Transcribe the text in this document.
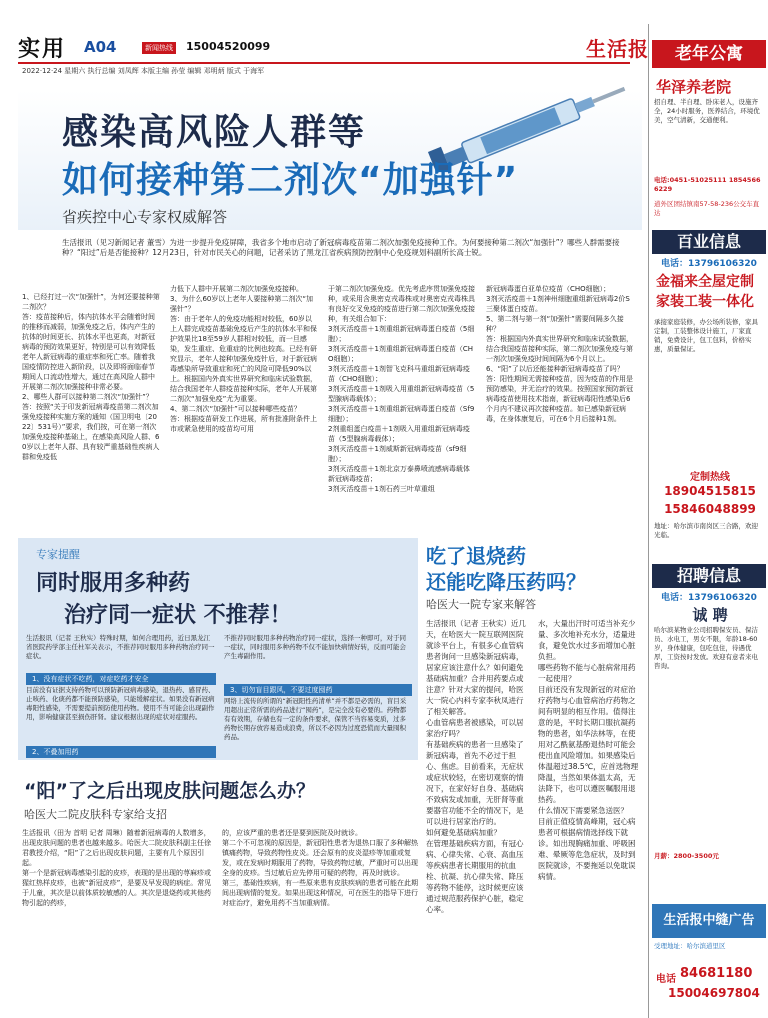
实用 A04	新闻热线 15004520099	生活报
2022·12·24 星期六 执行总编 刘凤辉 本版主编 孙莹 编辑 邓明炳 版式 于海军
感染高风险人群等
如何接种第二剂次“加强针”
省疾控中心专家权威解答
生活报讯（见习新闻记者 董雪）为进一步提升免疫屏障，我省多个地市启动了新冠病毒疫苗第二剂次加强免疫接种工作。为何要接种第二剂次“加强针”？哪些人群需要接种？“阳过”后是否能接种？12月23日，针对市民关心的问题，记者采访了黑龙江省疾病预防控制中心免疫规划科副所长高士锐。
1、已经打过一次“加强针”，为何还要接种第二剂次？
答：疫苗接种后，体内抗体水平会随着时间的推移而减弱，加强免疫之后，体内产生的抗体的时间更长、抗体水平也更高，对新冠病毒的预防效果更好，特别是可以有效降低老年人新冠病毒的重症率和死亡率。随着我国疫情防控进入新阶段，以及即将面临春节期间人口流动性增大，通过在高风险人群中开展第二剂次加强接种非常必要。
2、哪些人群可以接种第二剂次“加强针”？
答：按照“关于印发新冠病毒疫苗第二剂次加强免疫接种实施方案的通知（国卫明电〔2022〕531号）”要求，我们按，可在第一剂次加强免疫接种基础上，在感染高风险人群、60岁以上老年人群、具有较严重基础性疾病人群和免疫低
力低下人群中开展第二剂次加强免疫接种。
3、为什么60岁以上老年人要接种第二剂次“加强针”？
答：由于老年人的免疫功能相对较低，60岁以上人群完成疫苗基础免疫后产生的抗体水平和保护效果比18至59岁人群相对较低，而一旦感染，发生重症、危重症的比例也较高。已经有研究显示，老年人接种加强免疫针后，对于新冠病毒感染所导致重症和死亡的风险可降低90%以上。根据国内外真实世界研究和临床试验数据，结合我国老年人群疫苗接种实际，老年人开展第二剂次“加强免疫”尤为重要。
4、第二剂次“加强针”可以接种哪些疫苗？
答：根据疫苗研发工作进展，所有批准附条件上市或紧急使用的疫苗均可用
于第二剂次加强免疫。优先考虑序贯加强免疫接种，或采用含奥密克戎毒株或对奥密克戎毒株具有良好交叉免疫的疫苗进行第二剂次加强免疫接种，有关组合如下：
3剂灭活疫苗＋1剂重组新冠病毒蛋白疫苗（5细胞）；
3剂灭活疫苗＋1剂重组新冠病毒蛋白疫苗（CHO细胞）；
3剂灭活疫苗＋1剂智飞克科马重组新冠病毒疫苗（CHO细胞）；
3剂灭活疫苗＋1剂吸入用重组新冠病毒疫苗（5型腺病毒载体）；
3剂灭活疫苗＋1剂重组新冠病毒蛋白疫苗（Sf9细胞）；
2剂重组蛋白疫苗＋1剂吸入用重组新冠病毒疫苗（5型腺病毒载体）；
3剂灭活疫苗＋1剂威斯新冠病毒疫苗（sf9细胞）；
3剂灭活疫苗＋1剂北京万泰鼻喷流感病毒载体新冠病毒疫苗；
3剂灭活疫苗＋1剂石药三叶草重组
新冠病毒蛋白亚单位疫苗（CHO细胞）；
3剂灭活疫苗＋1剂神州细胞重组新冠病毒2价S三聚体蛋白疫苗。
5、第二剂与第一剂“加强针”需要间隔多久接种？
答：根据国内外真实世界研究和临床试验数据，结合我国疫苗接种实际，第二剂次加强免疫与第一剂次加强免疫时间间隔为6个月以上。
6、“阳”了以后还能接种新冠病毒疫苗了吗？
答：阳性期间无需接种疫苗，因为疫苗的作用是预防感染，并无治疗的效果。按照国家预防新冠病毒疫苗使用技术指南，新冠病毒阳性感染后6个月内不建议再次接种疫苗。如已感染新冠病毒，在身体康复后，可在6个月后接种1剂。
专家提醒
同时服用多种药
治疗同一症状 不推荐！
生活报讯（记者 王秋实）特殊时期，如何合理用药，近日黑龙江省医院药学部主任杜军关表示，不推荐同时服用多种药物治疗同一症状。
1、没有症状不吃药，对症吃药才安全
目前没有证据支持药物可以预防新冠病毒感染，退热药、感冒药、止咳药、化痰药都不能预防感染，只能缓解症状。如果没有新冠病毒阳性感染，不需要提前预防使用药物。使用不当可能会出现副作用，影响健康甚至损伤肝肾。建议根据出现的症状对症服药。
2、不叠加用药
不推荐同时服用多种药物治疗同一症状，选择一种即可，对于同一症状，同时服用多种药物不仅不能加快病情好转，反而可能会产生毒副作用。
3、切勿盲目跟风，不要过度囤药
网络上流传的所谓的“新冠阳性药清单”并不都是必需的，盲目采用超出正常所需的药品进行“囤药”，是完全没有必要的。药物都有有效期，存储也有一定的条件要求，保管不当容易变质，过多药物长期存放容易造成浪费，所以不必因为过度恐慌而大量囤积药品。
吃了退烧药
还能吃降压药吗？
哈医大一院专家来解答
生活报讯（记者 王秋实）近几天，在哈医大一院互联网医院就诊平台上，有很多心血管病患者询问一旦感染新冠病毒，居家应该注意什么？如何避免基础病加重？合并用药要点或注意？针对大家的提问，哈医大一院心内科专家李秋凤进行了相关解答。
心血管病患者被感染，可以居家治疗吗？
有基础疾病的患者一旦感染了新冠病毒，首先不必过于担心、焦虑。目前看来，无症状或症状较轻，在密切观察的情况下，在家好好自身、基础病不致病发或加重，无肝肾等重要器官功能不全的情况下，是可以进行居家治疗的。
如何避免基础病加重？
在管理基础疾病方面，有冠心病、心律失常、心衰、高血压等疾病患者长期服用的抗血栓、抗凝、抗心律失常、降压等药物不能停，这时候更应该通过规范服药保护心脏，稳定心率。
水，大量出汗时可适当补充少量、多次地补充水分，适量进食，避免饮水过多而增加心脏负担。
哪些药物不能与心脏病常用药一起使用？
目前还没有发现新冠的对症治疗药物与心血管病治疗药物之间有明显的相互作用。值得注意的是，平时长期口服抗凝药物的患者，如华法林等，在使用对乙酰氨基酚退热时可能会使出血风险增加。如果感染后体温超过38.5℃，应首选物理降温，当然如果体温太高，无法降下，也可以遵医嘱服用退热药。
什么情况下需要紧急送医？
目前正值疫情高峰期，冠心病患者可根据病情选择线下就诊。如出现胸痛加重、呼吸困难、晕厥等危急症状，及时到医院就诊，不要拖延以免耽误病情。
“阳”了之后出现皮肤问题怎么办？
哈医大二院皮肤科专家给支招
生活报讯（田为 首明 记者 周琳）随着新冠病毒的人数增多，出现皮肤问题的患者也越来越多。哈医大二院皮肤科副主任徐君教授介绍，“阳”了之后出现皮肤问题，主要有几个原因引起。
第一个是新冠病毒感染引起的皮疹，表现的是出现的荨麻疹或猩红热样皮疹，也被“新冠皮疹”，是要及早发现的病症。常见于儿童，其次是以前体质较敏感的人。其次是退烧药或其他药物引起的药疹，
的，应该严重的患者还是要到医院及时就诊。
第二个不可忽视的原因是，新冠阳性患者为退热口服了多种解热镇痛药物，导致药物性皮炎。还会原有的皮炎湿疹等加重或复发，或在发病时期服用了药物，导致药物过敏，严重时可以出现全身的皮疹。当过敏后应先停用可疑的药物，再及时就诊。
第三，基础性疾病，有一些原来患有皮肤疾病的患者可能在此期间出现病情的复发。如果出现这种情况，可在医生的指导下进行对症治疗，避免用药不当加重病情。
老年公寓
华泽养老院
招自理、半自理、卧床老人，设施齐全，24小时服务，医养结合，环境优美，空气清新，交通便利。
电话:0451-51025111 18545666229
道外区团结镇南57-58-236公交车直达
百业信息
电话：13796106320
金福来全屋定制 家装工装一体化
承接家庭装修，办公场所装修，家具定制，工装整体设计施工，厂家直销，免费设计，包工包料，价格实惠，质量保证。
定制热线
18904515815
15846048899
地址：哈尔滨市南岗区三合路，欢迎光临。
招聘信息
电话：13796106320
诚 聘
哈尔滨某物业公司招聘保安员、保洁员、水电工，男女不限，年龄18-60岁，身体健康，包吃包住，待遇优厚，工资按时发放。欢迎有意者来电咨询。
月薪：2800-3500元
生活报中缝广告
受理地址：哈尔滨道里区
电话 84681180
15004697804
